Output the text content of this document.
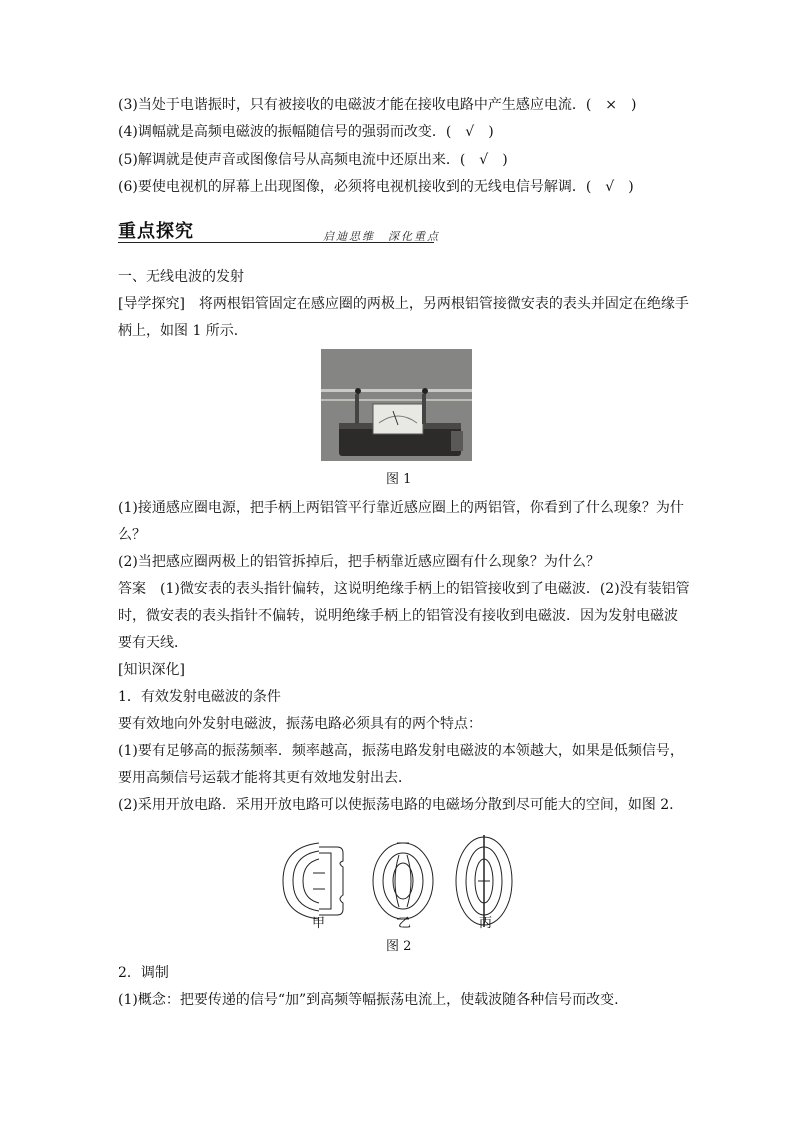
(3)当处于电谐振时，只有被接收的电磁波才能在接收电路中产生感应电流．(　×　)
(4)调幅就是高频电磁波的振幅随信号的强弱而改变．(　√　)
(5)解调就是使声音或图像信号从高频电流中还原出来．(　√　)
(6)要使电视机的屏幕上出现图像，必须将电视机接收到的无线电信号解调．(　√　)
重点探究	启迪思维　深化重点
一、无线电波的发射
[导学探究]　将两根铝管固定在感应圈的两极上，另两根铝管接微安表的表头并固定在绝缘手
柄上，如图 1 所示．
图 1
(1)接通感应圈电源，把手柄上两铝管平行靠近感应圈上的两铝管，你看到了什么现象？为什
么？
(2)当把感应圈两极上的铝管拆掉后，把手柄靠近感应圈有什么现象？为什么？
答案　(1)微安表的表头指针偏转，这说明绝缘手柄上的铝管接收到了电磁波．(2)没有装铝管
时，微安表的表头指针不偏转，说明绝缘手柄上的铝管没有接收到电磁波．因为发射电磁波
要有天线．
[知识深化]
1．有效发射电磁波的条件
要有效地向外发射电磁波，振荡电路必须具有的两个特点：
(1)要有足够高的振荡频率．频率越高，振荡电路发射电磁波的本领越大，如果是低频信号，
要用高频信号运载才能将其更有效地发射出去．
(2)采用开放电路．采用开放电路可以使振荡电路的电磁场分散到尽可能大的空间，如图 2.
甲	乙	丙
图 2
2．调制
(1)概念：把要传递的信号“加”到高频等幅振荡电流上，使载波随各种信号而改变.
